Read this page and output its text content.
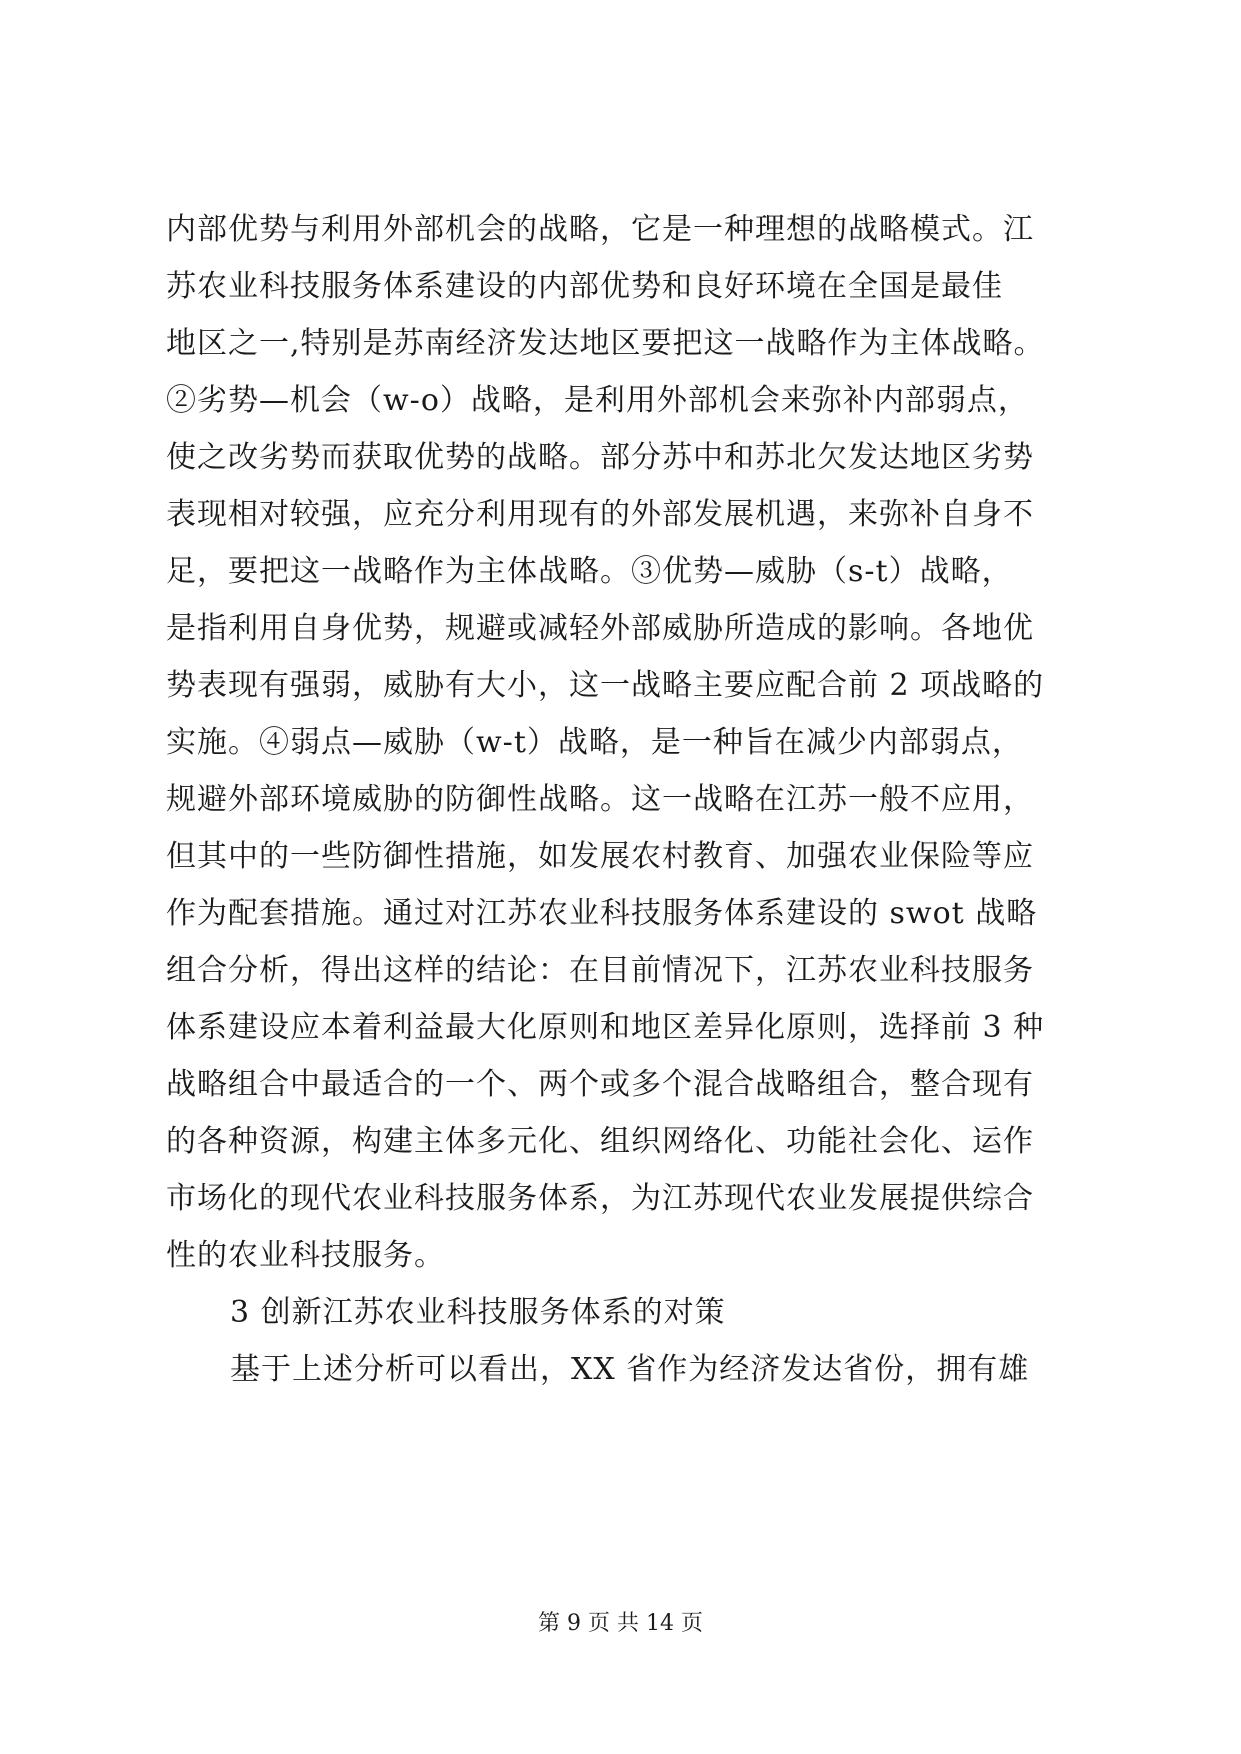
内部优势与利用外部机会的战略，它是一种理想的战略模式。江
苏农业科技服务体系建设的内部优势和良好环境在全国是最佳
地区之一,特别是苏南经济发达地区要把这一战略作为主体战略。
②劣势—机会（w-o）战略，是利用外部机会来弥补内部弱点，
使之改劣势而获取优势的战略。部分苏中和苏北欠发达地区劣势
表现相对较强，应充分利用现有的外部发展机遇，来弥补自身不
足，要把这一战略作为主体战略。③优势—威胁（s-t）战略，
是指利用自身优势，规避或减轻外部威胁所造成的影响。各地优
势表现有强弱，威胁有大小，这一战略主要应配合前 2 项战略的
实施。④弱点—威胁（w-t）战略，是一种旨在减少内部弱点，
规避外部环境威胁的防御性战略。这一战略在江苏一般不应用，
但其中的一些防御性措施，如发展农村教育、加强农业保险等应
作为配套措施。通过对江苏农业科技服务体系建设的 swot 战略
组合分析，得出这样的结论：在目前情况下，江苏农业科技服务
体系建设应本着利益最大化原则和地区差异化原则，选择前 3 种
战略组合中最适合的一个、两个或多个混合战略组合，整合现有
的各种资源，构建主体多元化、组织网络化、功能社会化、运作
市场化的现代农业科技服务体系，为江苏现代农业发展提供综合
性的农业科技服务。
3 创新江苏农业科技服务体系的对策
基于上述分析可以看出，XX 省作为经济发达省份，拥有雄
第 9 页 共 14 页
